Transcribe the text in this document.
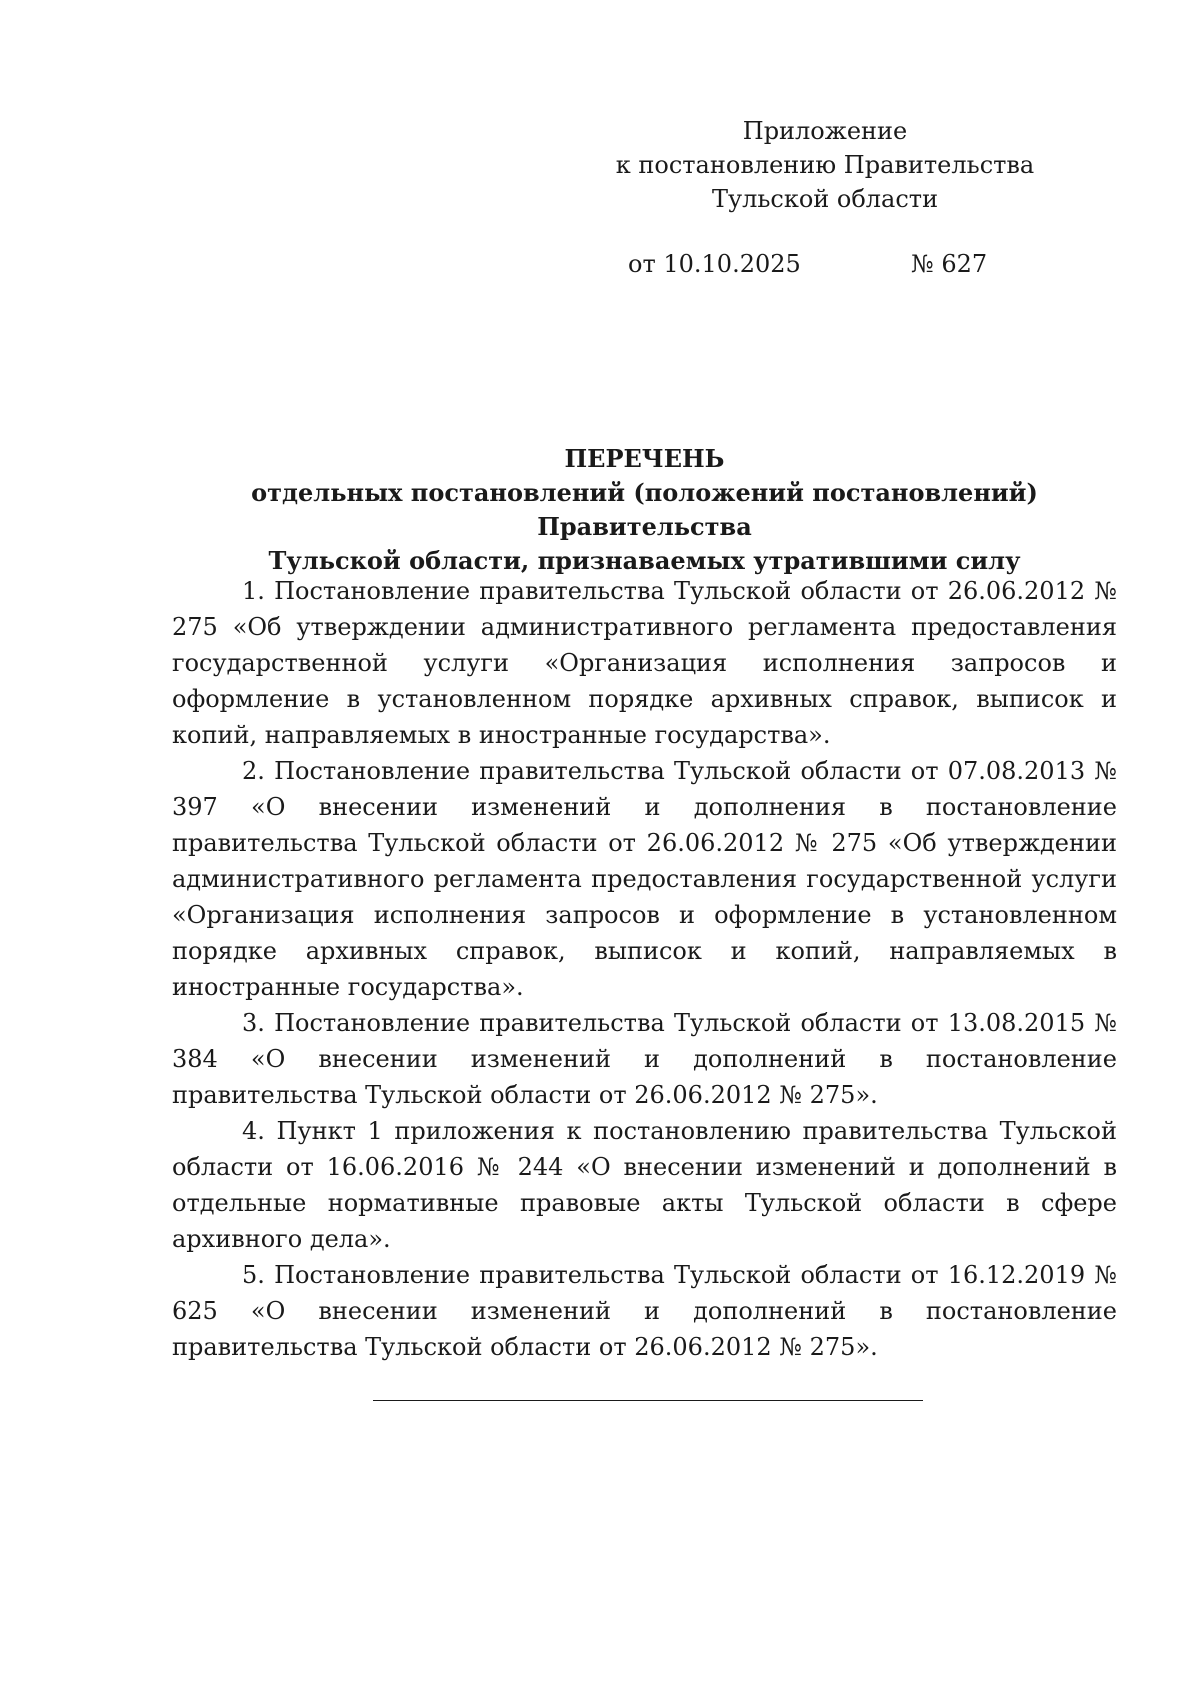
Приложение
к постановлению Правительства
Тульской области
от 10.10.2025	№ 627
ПЕРЕЧЕНЬ
отдельных постановлений (положений постановлений) Правительства
Тульской области, признаваемых утратившими силу

1. Постановление правительства Тульской области от 26.06.2012 № 275 «Об утверждении административного регламента предоставления государственной услуги «Организация исполнения запросов и оформление в установленном порядке архивных справок, выписок и копий, направляемых в иностранные государства».

2. Постановление правительства Тульской области от 07.08.2013 № 397 «О внесении изменений и дополнения в постановление правительства Тульской области от 26.06.2012 № 275 «Об утверждении административного регламента предоставления государственной услуги «Организация исполнения запросов и оформление в установленном порядке архивных справок, выписок и копий, направляемых в иностранные государства».

3. Постановление правительства Тульской области от 13.08.2015 № 384 «О внесении изменений и дополнений в постановление правительства Тульской области от 26.06.2012 № 275».

4. Пункт 1 приложения к постановлению правительства Тульской области от 16.06.2016 № 244 «О внесении изменений и дополнений в отдельные нормативные правовые акты Тульской области в сфере архивного дела».

5. Постановление правительства Тульской области от 16.12.2019 № 625 «О внесении изменений и дополнений в постановление правительства Тульской области от 26.06.2012 № 275».
